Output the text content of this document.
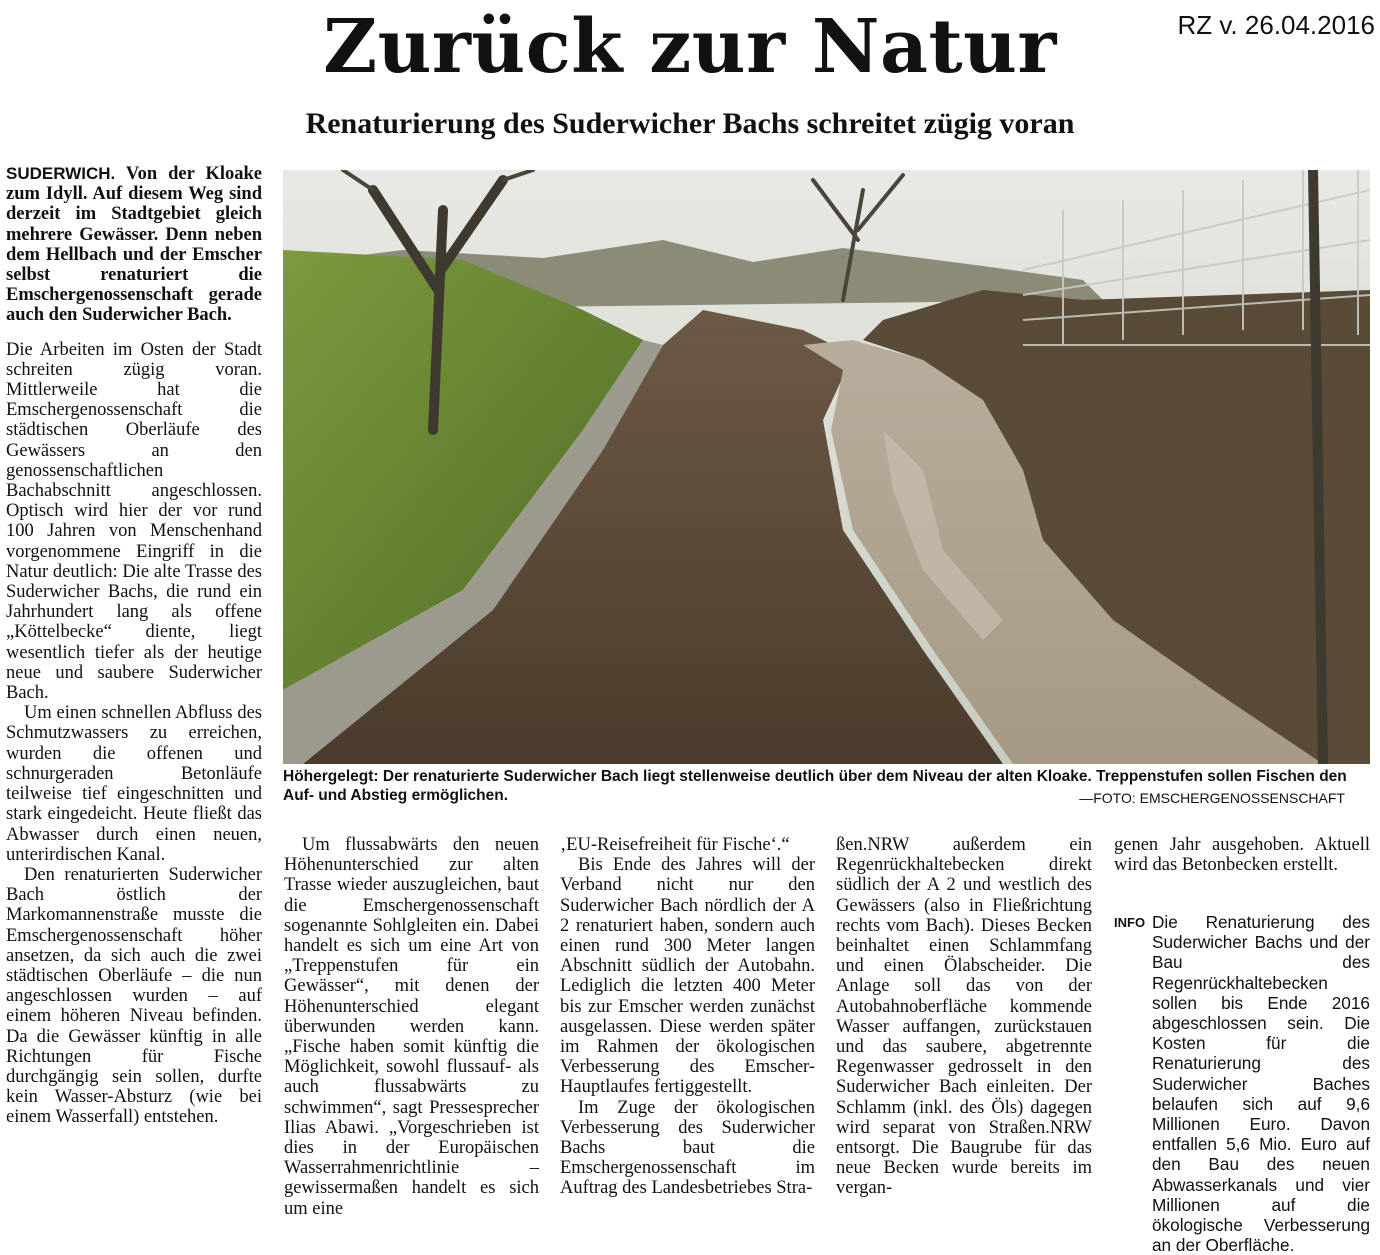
Zurück zur Natur	RZ v. 26.04.2016
Renaturierung des Suderwicher Bachs schreitet zügig voran

SUDERWICH. Von der Kloake zum Idyll. Auf diesem Weg sind derzeit im Stadtgebiet gleich mehrere Gewässer. Denn neben dem Hellbach und der Emscher selbst renaturiert die Emschergenossenschaft gerade auch den Suderwicher Bach.

Die Arbeiten im Osten der Stadt schreiten zügig voran. Mittlerweile hat die Emschergenossenschaft die städtischen Oberläufe des Gewässers an den genossenschaftlichen Bachabschnitt angeschlossen. Optisch wird hier der vor rund 100 Jahren von Menschenhand vorgenommene Eingriff in die Natur deutlich: Die alte Trasse des Suderwicher Bachs, die rund ein Jahrhundert lang als offene „Köttelbecke“ diente, liegt wesentlich tiefer als der heutige neue und saubere Suderwicher Bach.

Um einen schnellen Abfluss des Schmutzwassers zu erreichen, wurden die offenen und schnurgeraden Betonläufe teilweise tief eingeschnitten und stark eingedeicht. Heute fließt das Abwasser durch einen neuen, unterirdischen Kanal.

Den renaturierten Suderwicher Bach östlich der Markomannenstraße musste die Emschergenossenschaft höher ansetzen, da sich auch die zwei städtischen Oberläufe – die nun angeschlossen wurden – auf einem höheren Niveau befinden. Da die Gewässer künftig in alle Richtungen für Fische durchgängig sein sollen, durfte kein Wasser-Absturz (wie bei einem Wasserfall) entstehen.

Höhergelegt: Der renaturierte Suderwicher Bach liegt stellenweise deutlich über dem Niveau der alten Kloake. Treppenstufen sollen Fischen den Auf- und Abstieg ermöglichen.	—FOTO: EMSCHERGENOSSENSCHAFT

Um flussabwärts den neuen Höhenunterschied zur alten Trasse wieder auszugleichen, baut die Emschergenossenschaft sogenannte Sohlgleiten ein. Dabei handelt es sich um eine Art von „Treppenstufen für ein Gewässer“, mit denen der Höhenunterschied elegant überwunden werden kann. „Fische haben somit künftig die Möglichkeit, sowohl flussauf- als auch flussabwärts zu schwimmen“, sagt Pressesprecher Ilias Abawi. „Vorgeschrieben ist dies in der Europäischen Wasserrahmenrichtlinie – gewissermaßen handelt es sich um eine

‚EU-Reisefreiheit für Fische‘.“

Bis Ende des Jahres will der Verband nicht nur den Suderwicher Bach nördlich der A 2 renaturiert haben, sondern auch einen rund 300 Meter langen Abschnitt südlich der Autobahn. Lediglich die letzten 400 Meter bis zur Emscher werden zunächst ausgelassen. Diese werden später im Rahmen der ökologischen Verbesserung des Emscher-Hauptlaufes fertiggestellt.

Im Zuge der ökologischen Verbesserung des Suderwicher Bachs baut die Emschergenossenschaft im Auftrag des Landesbetriebes Stra-

ßen.NRW außerdem ein Regenrückhaltebecken direkt südlich der A 2 und westlich des Gewässers (also in Fließrichtung rechts vom Bach). Dieses Becken beinhaltet einen Schlammfang und einen Ölabscheider. Die Anlage soll das von der Autobahnoberfläche kommende Wasser auffangen, zurückstauen und das saubere, abgetrennte Regenwasser gedrosselt in den Suderwicher Bach einleiten. Der Schlamm (inkl. des Öls) dagegen wird separat von Straßen.NRW entsorgt. Die Baugrube für das neue Becken wurde bereits im vergan-

genen Jahr ausgehoben. Aktuell wird das Betonbecken erstellt.

INFO Die Renaturierung des Suderwicher Bachs und der Bau des Regenrückhaltebecken sollen bis Ende 2016 abgeschlossen sein. Die Kosten für die Renaturierung des Suderwicher Baches belaufen sich auf 9,6 Millionen Euro. Davon entfallen 5,6 Mio. Euro auf den Bau des neuen Abwasserkanals und vier Millionen auf die ökologische Verbesserung an der Oberfläche.
